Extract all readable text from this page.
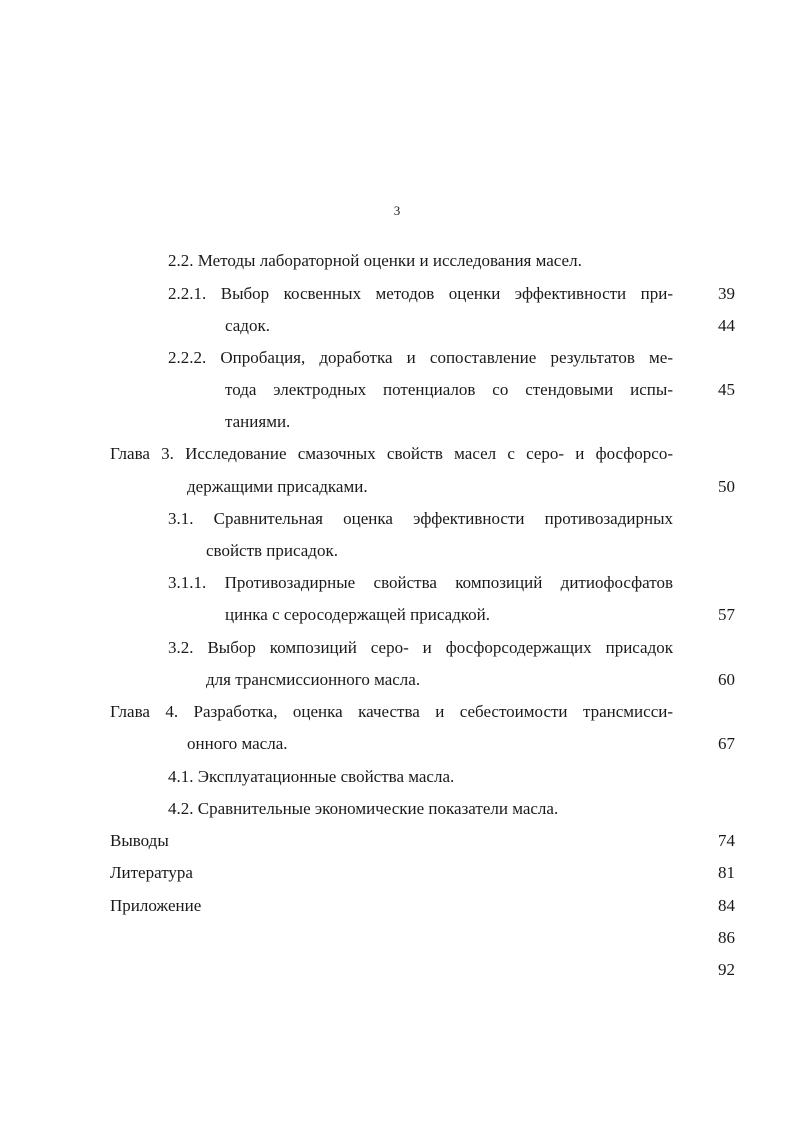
3
2.2. Методы лабораторной оценки и исследования масел.
2.2.1. Выбор косвенных методов оценки эффективности при-
садок.
2.2.2. Опробация, доработка и сопоставление результатов ме-
тода электродных потенциалов со стендовыми испы-
таниями.
Глава 3. Исследование смазочных свойств масел с серо- и фосфорсо-
держащими присадками.
3.1. Сравнительная оценка эффективности противозадирных
свойств присадок.
3.1.1. Противозадирные свойства композиций дитиофосфатов
цинка с серосодержащей присадкой.
3.2. Выбор композиций серо- и фосфорсодержащих присадок
для трансмиссионного масла.
Глава 4. Разработка, оценка качества и себестоимости трансмисси-
онного масла.
4.1. Эксплуатационные свойства масла.
4.2. Сравнительные экономические показатели масла.
Выводы
Литература
Приложение
39
44
45
50
57
60
67
74
81
84
86
92
